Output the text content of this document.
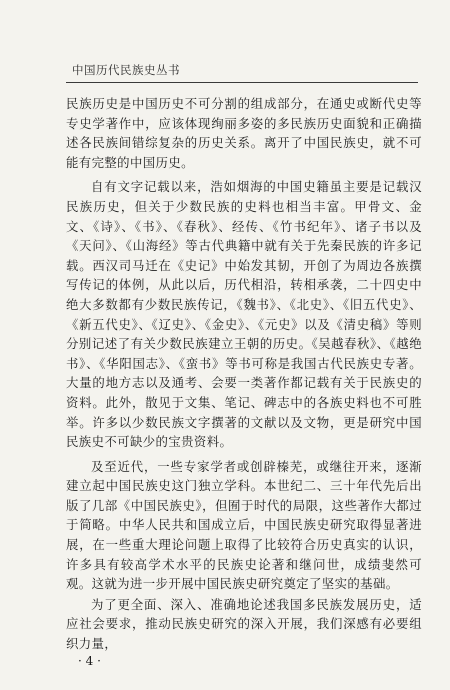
中国历代民族史丛书

民族历史是中国历史不可分割的组成部分，在通史或断代史等专史学著作中，应该体现绚丽多姿的多民族历史面貌和正确描述各民族间错综复杂的历史关系。离开了中国民族史，就不可能有完整的中国历史。

自有文字记载以来，浩如烟海的中国史籍虽主要是记载汉民族历史，但关于少数民族的史料也相当丰富。甲骨文、金文、《诗》、《书》、《春秋》、经传、《竹书纪年》、诸子书以及《天问》、《山海经》等古代典籍中就有关于先秦民族的许多记载。西汉司马迁在《史记》中始发其韧，开创了为周边各族撰写传记的体例，从此以后，历代相沿，转相承袭，二十四史中绝大多数都有少数民族传记，《魏书》、《北史》、《旧五代史》、《新五代史》、《辽史》、《金史》、《元史》以及《清史稿》等则分别记述了有关少数民族建立王朝的历史。《吴越春秋》、《越绝书》、《华阳国志》、《蛮书》等书可称是我国古代民族史专著。大量的地方志以及通考、会要一类著作都记载有关于民族史的资料。此外，散见于文集、笔记、碑志中的各族史料也不可胜举。许多以少数民族文字撰著的文献以及文物，更是研究中国民族史不可缺少的宝贵资料。

及至近代，一些专家学者或创辟榛芜，或继往开来，逐渐建立起中国民族史这门独立学科。本世纪二、三十年代先后出版了几部《中国民族史》，但囿于时代的局限，这些著作大都过于简略。中华人民共和国成立后，中国民族史研究取得显著进展，在一些重大理论问题上取得了比较符合历史真实的认识，许多具有较高学术水平的民族史论著和继问世，成绩斐然可观。这就为进一步开展中国民族史研究奠定了坚实的基础。

为了更全面、深入、准确地论述我国多民族发展历史，适应社会要求，推动民族史研究的深入开展，我们深感有必要组织力量，

· 4 ·
